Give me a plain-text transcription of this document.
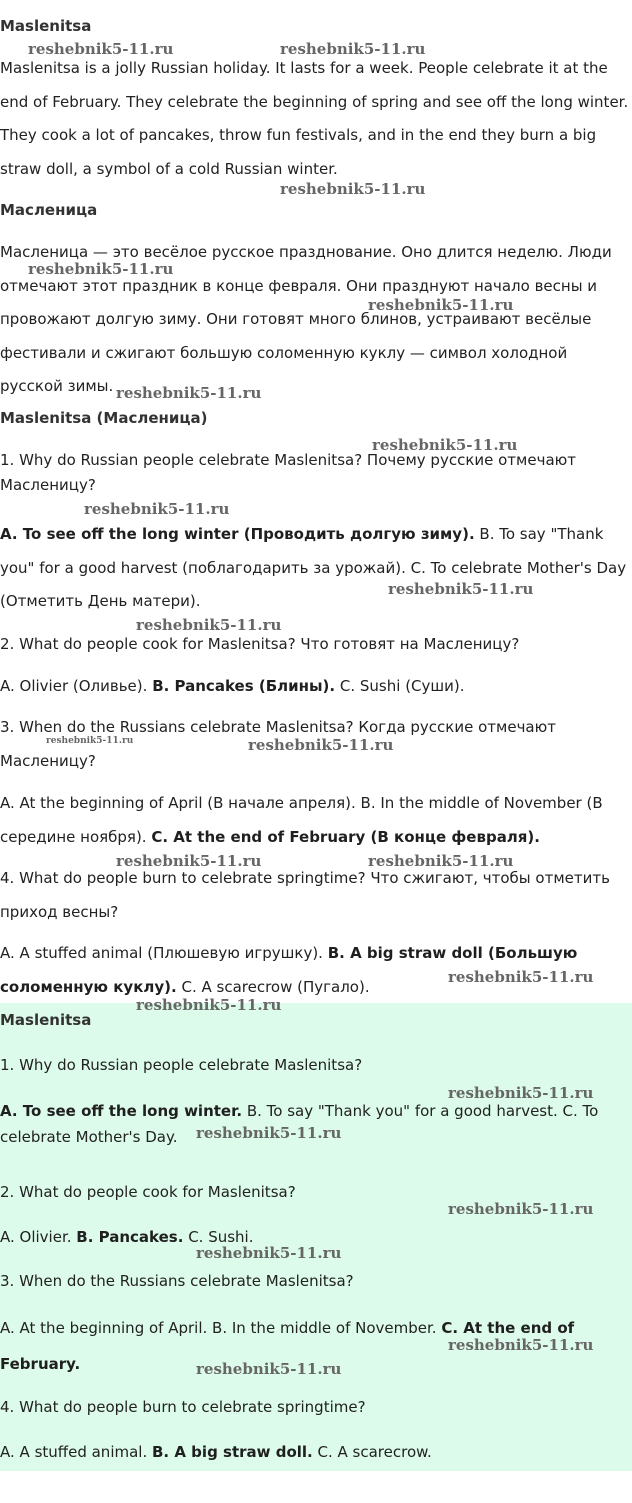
Maslenitsa

Maslenitsa is a jolly Russian holiday. It lasts for a week. People celebrate it at the end of February. They celebrate the beginning of spring and see off the long winter. They cook a lot of pancakes, throw fun festivals, and in the end they burn a big straw doll, a symbol of a cold Russian winter.

Масленица

Масленица — это весёлое русское празднование. Оно длится неделю. Люди отмечают этот праздник в конце февраля. Они празднуют начало весны и провожают долгую зиму. Они готовят много блинов, устраивают весёлые фестивали и сжигают большую соломенную куклу — символ холодной русской зимы.

Maslenitsa (Масленица)

1. Why do Russian people celebrate Maslenitsa? Почему русские отмечают Масленицу?

A. To see off the long winter (Проводить долгую зиму). B. To say "Thank you" for a good harvest (поблагодарить за урожай). C. To celebrate Mother's Day (Отметить День матери).

2. What do people cook for Maslenitsa? Что готовят на Масленицу?

A. Olivier (Оливье). B. Pancakes (Блины). C. Sushi (Суши).

3. When do the Russians celebrate Maslenitsa? Когда русские отмечают Масленицу?

A. At the beginning of April (В начале апреля). B. In the middle of November (В середине ноября). C. At the end of February (В конце февраля).

4. What do people burn to celebrate springtime? Что сжигают, чтобы отметить приход весны?

A. A stuffed animal (Плюшевую игрушку). B. A big straw doll (Большую соломенную куклу). C. A scarecrow (Пугало).

Maslenitsa

1. Why do Russian people celebrate Maslenitsa?

A. To see off the long winter. B. To say "Thank you" for a good harvest. C. To celebrate Mother's Day.

2. What do people cook for Maslenitsa?

A. Olivier. B. Pancakes. C. Sushi.

3. When do the Russians celebrate Maslenitsa?

A. At the beginning of April. B. In the middle of November. C. At the end of February.

4. What do people burn to celebrate springtime?

A. A stuffed animal. B. A big straw doll. C. A scarecrow.

reshebnik5-11.ru	reshebnik5-11.ru
reshebnik5-11.ru
reshebnik5-11.ru
reshebnik5-11.ru
reshebnik5-11.ru
reshebnik5-11.ru
reshebnik5-11.ru
reshebnik5-11.ru
reshebnik5-11.ru
reshebnik5-11.ru	reshebnik5-11.ru
reshebnik5-11.ru	reshebnik5-11.ru
reshebnik5-11.ru
reshebnik5-11.ru
reshebnik5-11.ru
reshebnik5-11.ru
reshebnik5-11.ru
reshebnik5-11.ru
reshebnik5-11.ru
reshebnik5-11.ru
